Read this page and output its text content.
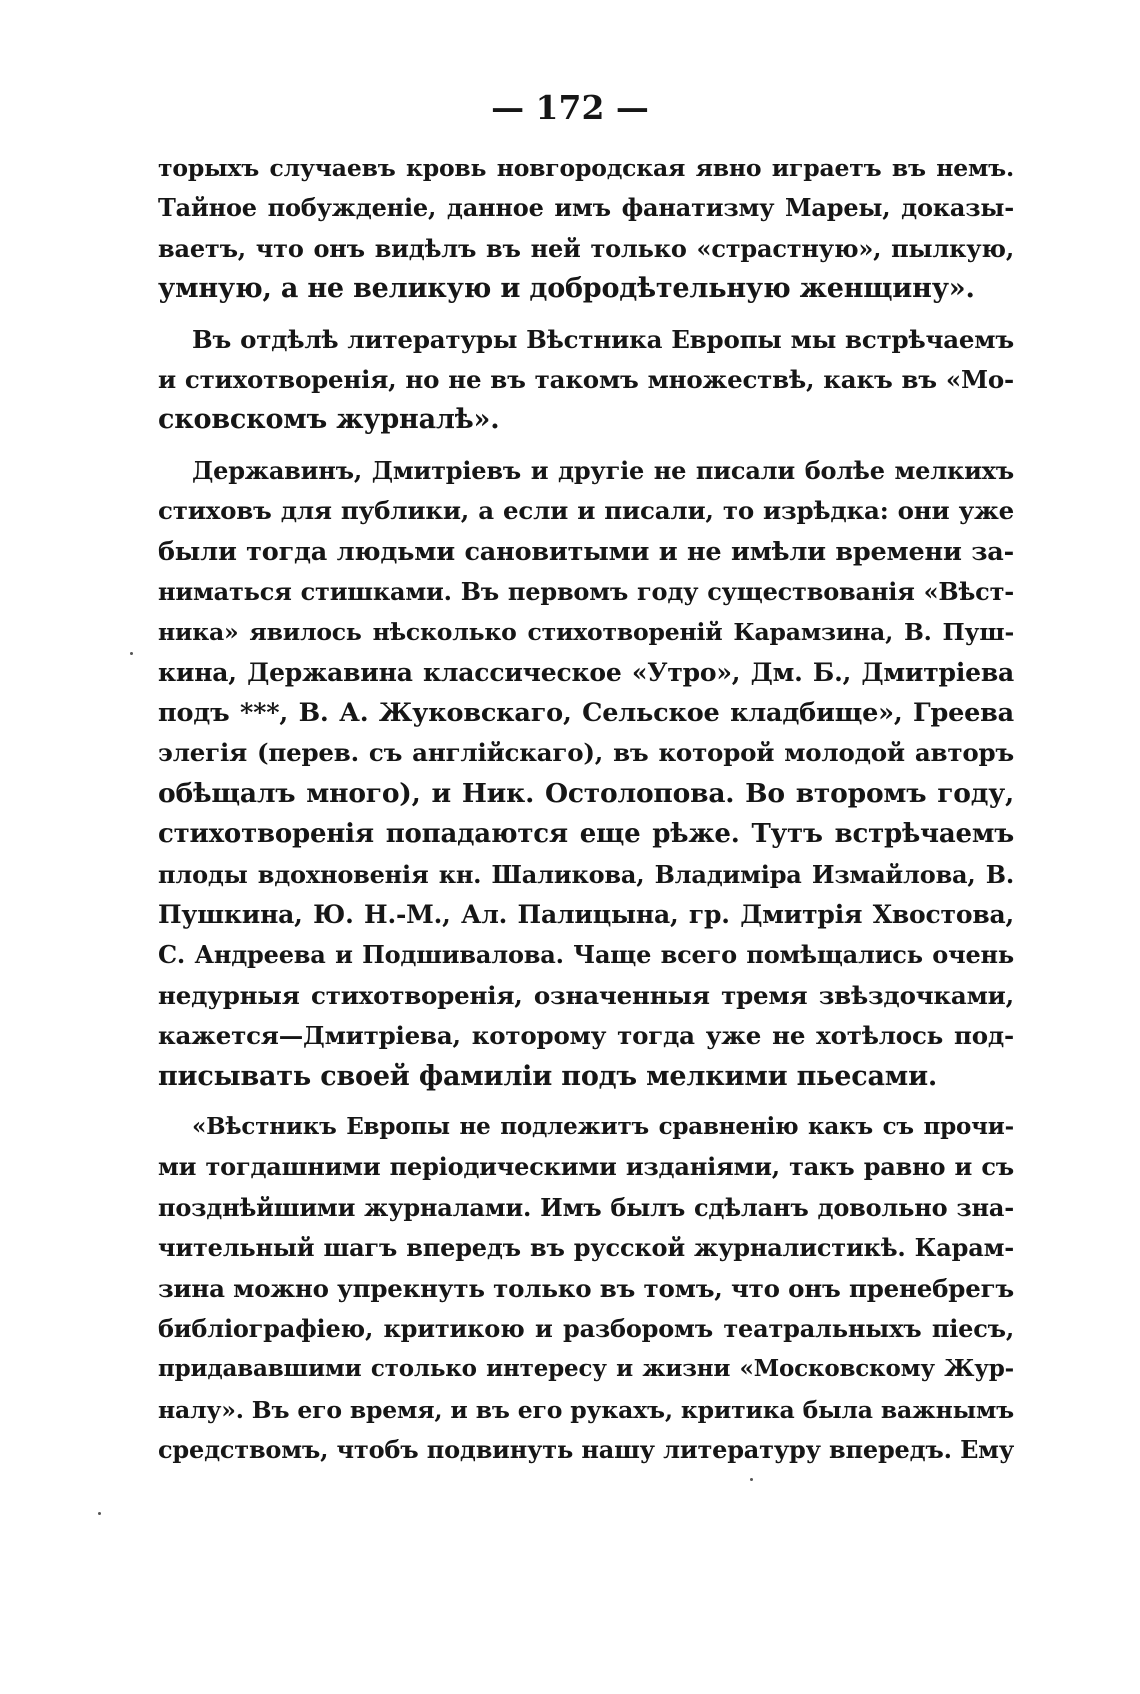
— 172 —
торыхъ случаевъ кровь новгородская явно играетъ въ немъ.
Тайное побужденіе, данное имъ фанатизму Мареы, доказы-
ваетъ, что онъ видѣлъ въ ней только «страстную», пылкую,
умную, а не великую и добродѣтельную женщину».
Въ отдѣлѣ литературы Вѣстника Европы мы встрѣчаемъ
и стихотворенія, но не въ такомъ множествѣ, какъ въ «Мо-
сковскомъ журналѣ».
Державинъ, Дмитріевъ и другіе не писали болѣе мелкихъ
стиховъ для публики, а если и писали, то изрѣдка: они уже
были тогда людьми сановитыми и не имѣли времени за-
ниматься стишками. Въ первомъ году существованія «Вѣст-
ника» явилось нѣсколько стихотвореній Карамзина, В. Пуш-
кина, Державина классическое «Утро», Дм. Б., Дмитріева
подъ ***, В. А. Жуковскаго, Сельское кладбище», Греева
элегія (перев. съ англійскаго), въ которой молодой авторъ
обѣщалъ много), и Ник. Остолопова. Во второмъ году,
стихотворенія попадаются еще рѣже. Тутъ встрѣчаемъ
плоды вдохновенія кн. Шаликова, Владиміра Измайлова, В.
Пушкина, Ю. Н.-М., Ал. Палицына, гр. Дмитрія Хвостова,
С. Андреева и Подшивалова. Чаще всего помѣщались очень
недурныя стихотворенія, означенныя тремя звѣздочками,
кажется—Дмитріева, которому тогда уже не хотѣлось под-
писывать своей фамиліи подъ мелкими пьесами.
«Вѣстникъ Европы не подлежитъ сравненію какъ съ прочи-
ми тогдашними періодическими изданіями, такъ равно и съ
позднѣйшими журналами. Имъ былъ сдѣланъ довольно зна-
чительный шагъ впередъ въ русской журналистикѣ. Карам-
зина можно упрекнуть только въ томъ, что онъ пренебрегъ
библіографіею, критикою и разборомъ театральныхъ піесъ,
придававшими столько интересу и жизни «Московскому Жур-
налу». Въ его время, и въ его рукахъ, критика была важнымъ
средствомъ, чтобъ подвинуть нашу литературу впередъ. Ему
